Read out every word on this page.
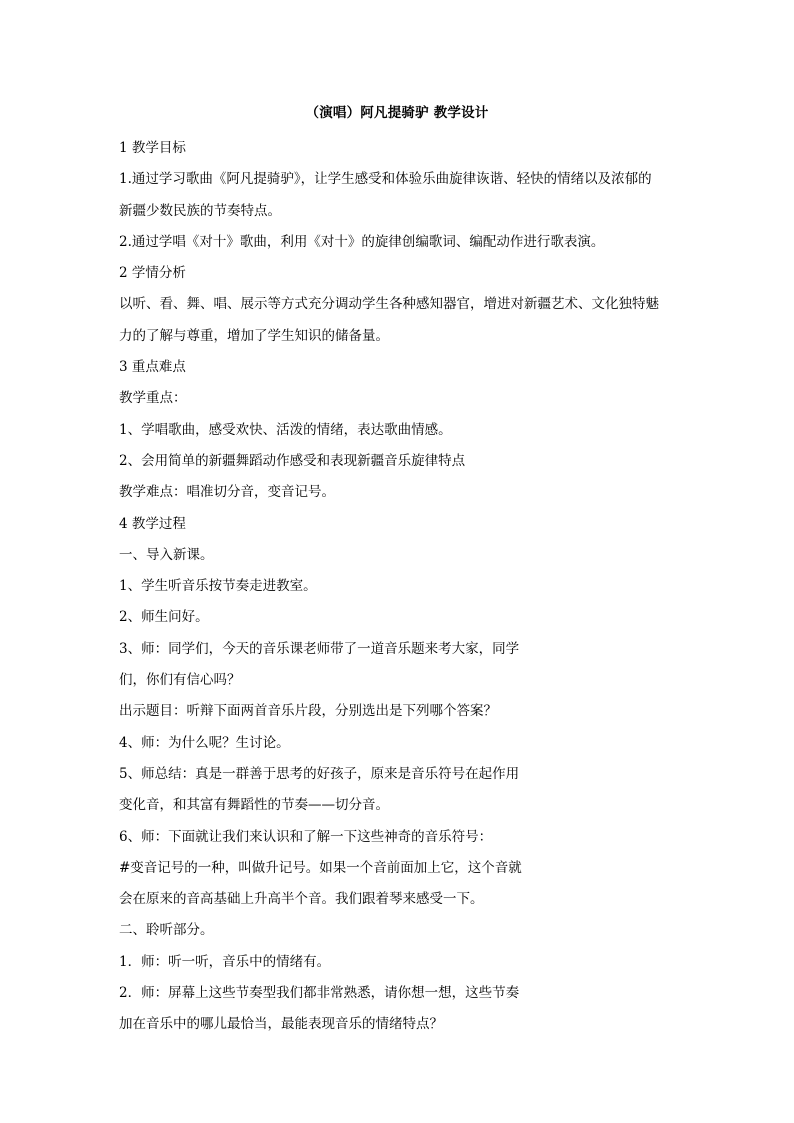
（演唱）阿凡提骑驴 教学设计
1 教学目标
1.通过学习歌曲《阿凡提骑驴》，让学生感受和体验乐曲旋律诙谐、轻快的情绪以及浓郁的
新疆少数民族的节奏特点。
2.通过学唱《对十》歌曲，利用《对十》的旋律创编歌词、编配动作进行歌表演。
2 学情分析
以听、看、舞、唱、展示等方式充分调动学生各种感知器官，增进对新疆艺术、文化独特魅
力的了解与尊重，增加了学生知识的储备量。
3 重点难点
教学重点：
1、学唱歌曲，感受欢快、活泼的情绪，表达歌曲情感。
2、会用简单的新疆舞蹈动作感受和表现新疆音乐旋律特点
教学难点：唱准切分音，变音记号。
4 教学过程
一、导入新课。
1、学生听音乐按节奏走进教室。
2、师生问好。
3、师：同学们，今天的音乐课老师带了一道音乐题来考大家，同学
们，你们有信心吗？
出示题目：听辩下面两首音乐片段，分别选出是下列哪个答案？
4、师：为什么呢？生讨论。
5、师总结：真是一群善于思考的好孩子，原来是音乐符号在起作用
变化音，和其富有舞蹈性的节奏——切分音。
6、师：下面就让我们来认识和了解一下这些神奇的音乐符号：
#变音记号的一种，叫做升记号。如果一个音前面加上它，这个音就
会在原来的音高基础上升高半个音。我们跟着琴来感受一下。
二、聆听部分。
1．师：听一听，音乐中的情绪有。
2．师：屏幕上这些节奏型我们都非常熟悉，请你想一想，这些节奏
加在音乐中的哪儿最恰当，最能表现音乐的情绪特点？
